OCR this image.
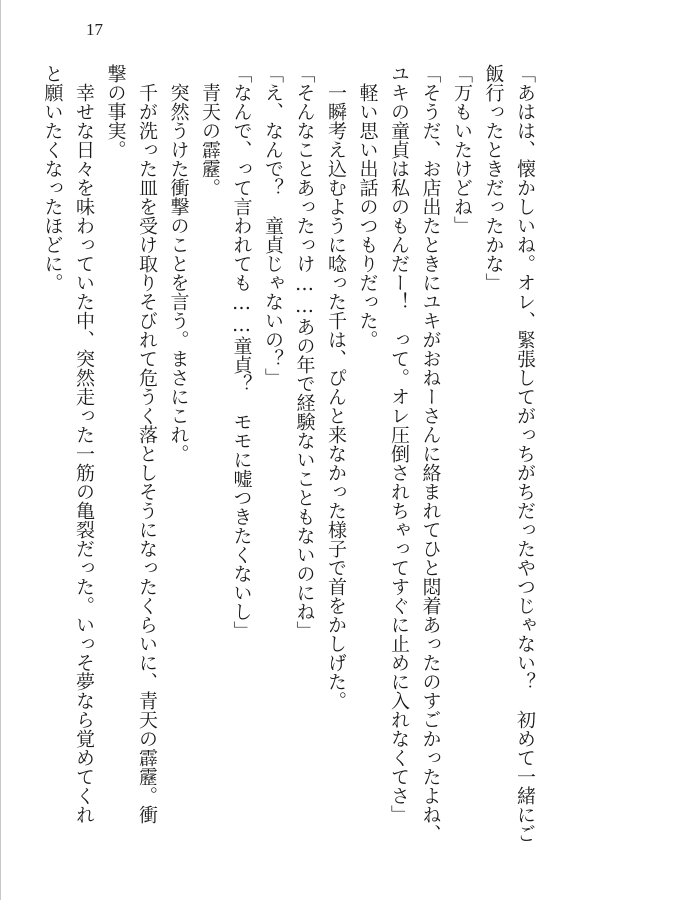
17

「あはは、懐かしいね。オレ、緊張してがっちがちだったやつじゃない？　初めて一緒にご

飯行ったときだったかな」

「万もいたけどね」

「そうだ、お店出たときにユキがおねーさんに絡まれてひと悶着あったのすごかったよね、

ユキの童貞は私のもんだー！　って。オレ圧倒されちゃってすぐに止めに入れなくてさ」

　軽い思い出話のつもりだった。

　一瞬考え込むように唸った千は、ぴんと来なかった様子で首をかしげた。

「そんなことあったっけ……あの年で経験ないこともないのにね」

「え、なんで？　童貞じゃないの？」

「なんで、って言われても……童貞？　モモに嘘つきたくないし」

　青天の霹靂。

　突然うけた衝撃のことを言う。まさにこれ。

　千が洗った皿を受け取りそびれて危うく落としそうになったくらいに、青天の霹靂。衝

撃の事実。

　幸せな日々を味わっていた中、突然走った一筋の亀裂だった。いっそ夢なら覚めてくれ

と願いたくなったほどに。
